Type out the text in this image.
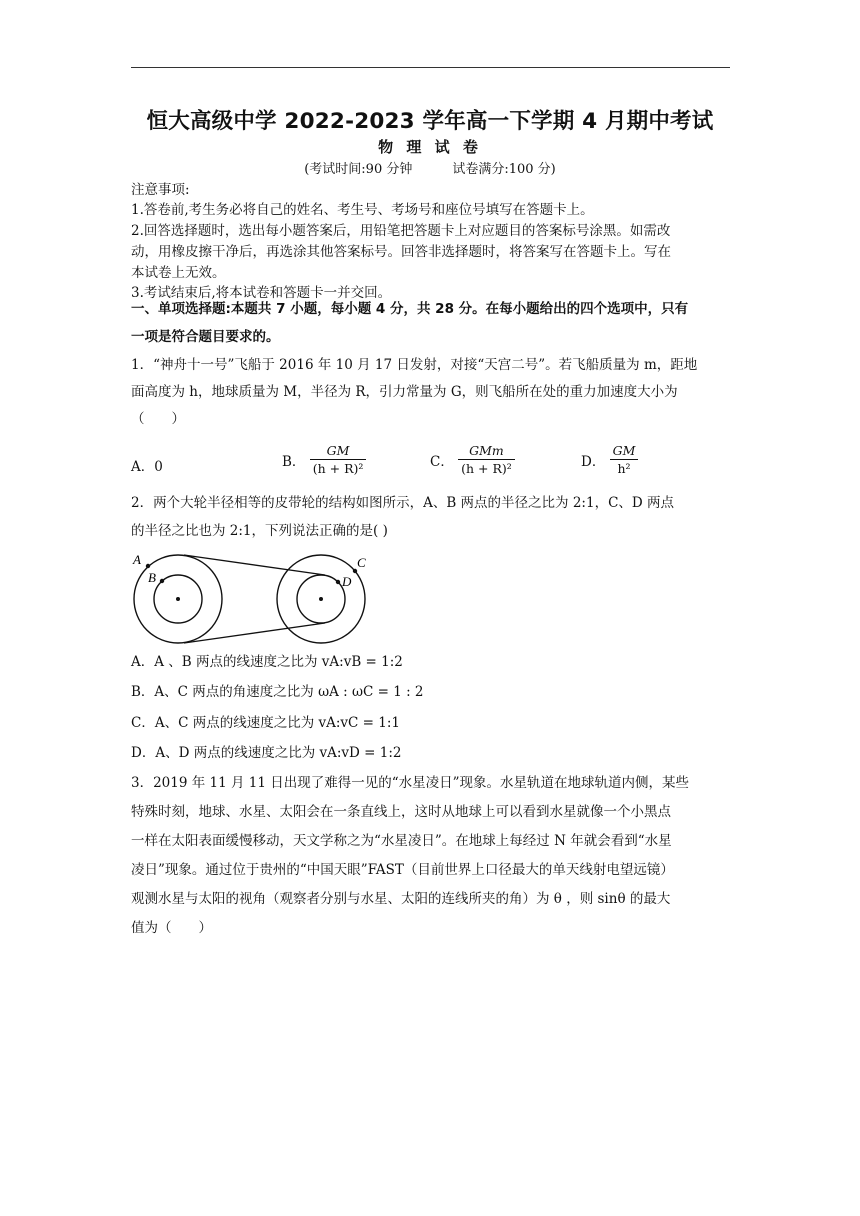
恒大高级中学 2022-2023 学年高一下学期 4 月期中考试
物 理 试 卷
(考试时间:90 分钟	试卷满分:100 分)
注意事项:
1.答卷前,考生务必将自己的姓名、考生号、考场号和座位号填写在答题卡上。
2.回答选择题时，选出每小题答案后，用铅笔把答题卡上对应题目的答案标号涂黑。如需改
动，用橡皮擦干净后，再选涂其他答案标号。回答非选择题时，将答案写在答题卡上。写在
本试卷上无效。
3.考试结束后,将本试卷和答题卡一并交回。
一、单项选择题:本题共 7 小题，每小题 4 分，共 28 分。在每小题给出的四个选项中，只有
一项是符合题目要求的。
1．“神舟十一号”飞船于 2016 年 10 月 17 日发射，对接“天宫二号”。若飞船质量为 m，距地
面高度为 h，地球质量为 M，半径为 R，引力常量为 G，则飞船所在处的重力加速度大小为
（　　）
A．0	B． $\frac{GM}{\text{(h + R)²}}$	C． $\frac{\text{GMm}}{\text{(h + R)²}}$	D． $\frac{GM}{\text{h²}}$
2．两个大轮半径相等的皮带轮的结构如图所示，A、B 两点的半径之比为 2:1，C、D 两点
的半径之比也为 2:1，下列说法正确的是( )
A
B
C
D
A．A 、B 两点的线速度之比为 vA:vB = 1:2
B．A、C 两点的角速度之比为 ωA : ωC = 1 : 2
C．A、C 两点的线速度之比为 vA:vC = 1:1
D．A、D 两点的线速度之比为 vA:vD = 1:2
3．2019 年 11 月 11 日出现了难得一见的“水星凌日”现象。水星轨道在地球轨道内侧，某些
特殊时刻，地球、水星、太阳会在一条直线上，这时从地球上可以看到水星就像一个小黑点
一样在太阳表面缓慢移动，天文学称之为“水星凌日”。在地球上每经过 N 年就会看到“水星
凌日”现象。通过位于贵州的“中国天眼”FAST（目前世界上口径最大的单天线射电望远镜）
观测水星与太阳的视角（观察者分别与水星、太阳的连线所夹的角）为 θ ，则 sinθ 的最大
值为（　　）
